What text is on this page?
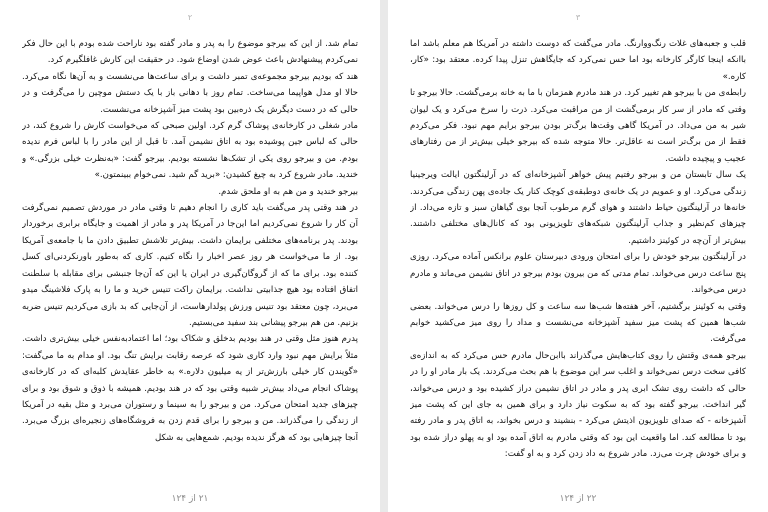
۲

تمام شد. از این که بیرجو موضوع را به پدر و مادر گفته بود ناراحت شده بودم با این حال فکر نمی‌کردم پیشنهادش باعث عوض شدن اوضاع شود. در حقیقت این کارش غافلگیرم کرد.

هند که بودیم بیرجو مجموعه‌ی تمبر داشت و برای ساعت‌ها می‌نشست و به آن‌ها نگاه می‌کرد. حالا او مدل هواپیما می‌ساخت. تمام روز با دهانی باز با یک دستش موچین را می‌گرفت و در حالی که در دست دیگرش یک ذره‌بین بود پشت میز آشپزخانه می‌نشست.

مادر شغلی در کارخانه‌ی پوشاک گرم کرد. اولین صبحی که می‌خواست کارش را شروع کند، در حالی که لباس جین پوشیده بود به اتاق نشیمن آمد. تا قبل از این مادر را با لباس فرم ندیده بودم. من و بیرجو روی یکی از تشک‌ها نشسته بودیم. بیرجو گفت: «به‌نظرت خیلی بزرگی.» و خندید. مادر شروع کرد به چیغ کشیدن: «برید گم شید. نمی‌خوام ببینمتون.»

بیرجو خندید و من هم به او ملحق شدم.

در هند وقتی پدر می‌گفت باید کاری را انجام دهیم تا وقتی مادر در موردش تصمیم نمی‌گرفت آن کار را شروع نمی‌کردیم اما این‌جا در آمریکا پدر و مادر از اهمیت و جایگاه برابری برخوردار بودند. پدر برنامه‌های مختلفی برایمان داشت. بیش‌تر تلاشش تطبیق دادن ما با جامعه‌ی آمریکا بود. از ما می‌خواست هر روز عصر اخبار را نگاه کنیم. کاری که به‌طور باورنکردنی‌ای کسل کننده بود. برای ما که از گروگان‌گیری در ایران یا این که آن‌جا جنبشی برای مقابله با سلطنت اتفاق افتاده بود هیچ جذابیتی نداشت. برایمان راکت تنیس خرید و ما را به پارک فلاشینگ میدو می‌برد، چون معتقد بود تنیس ورزش پولدارهاست، از آن‌جایی که بد بازی می‌کردیم تنیس ضربه بزنیم. من هم بیرجو پیشانی بند سفید می‌بستیم.

پدرم هنوز مثل وقتی در هند بودیم بدخلق و شکاک بود؛ اما اعتمادبه‌نفس خیلی بیش‌تری داشت. مثلاً برایش مهم نبود وارد کاری شود که عرصه رقابت برایش تنگ بود. او مدام به ما می‌گفت: «گویندن کار خیلی بارزش‌تر از یه میلیون دلاره.» به خاطر عقایدش کلبه‌ای که در کارخانه‌ی پوشاک انجام می‌داد بیش‌تر شبیه وقتی بود که در هند بودیم. همیشه با ذوق و شوق بود و برای چیزهای جدید امتحان می‌کرد. من و بیرجو را به سینما و رستوران می‌برد و مثل بقیه در آمریکا از زندگی را می‌گذراند. من و بیرجو را برای قدم زدن به فروشگاه‌های زنجیره‌ای بزرگ می‌برد. آنجا چیزهایی بود که هرگز ندیده بودیم. شمع‌هایی به شکل

۲۱ از ۱۲۴
۳

قلب و جعبه‌های غلات رنگ‌ووارنگ. مادر می‌گفت که دوست داشته در آمریکا هم معلم باشد اما باانکه اینجا کارگر کارخانه بود اما حس نمی‌کرد که جایگاهش تنزل پیدا کرده. معتقد بود: «کار، کاره.»

رابطه‌ی من با بیرجو هم تغییر کرد. در هند مادرم همزمان با ما به خانه برمی‌گشت. حالا بیرجو تا وقتی که مادر از سر کار برمی‌گشت از من مراقبت می‌کرد. ذرت را سرخ می‌کرد و یک لیوان شیر به من می‌داد. در آمریکا گاهی وقت‌ها برگ‌تر بودن بیرجو برایم مهم نبود. فکر می‌کردم فقط از من برگ‌تر است نه عاقل‌تر. حالا متوجه شده که بیرجو خیلی بیش‌تر از من رفتارهای عجیب و پیچیده داشت.

یک سال تابستان من و بیرجو رفتیم پیش خواهر آشپزخانه‌ای که در آرلینگتون ایالت ویرجینیا زندگی می‌کرد. او و عمویم در یک خانه‌ی دوطبقه‌ی کوچک کنار یک جاده‌ی پهن زندگی می‌کردند. خانه‌ها در آرلینگتون حیاط داشتند و هوای گرم مرطوب آنجا بوی گیاهان سبز و تازه می‌داد. از چیزهای کم‌نظیر و جذاب آرلینگتون شبکه‌های تلویزیونی بود که کانال‌های مختلفی داشتند. بیش‌تر از آن‌چه در کوئینز داشتیم.

در آرلینگتون بیرجو خودش را برای امتحان ورودی دبیرستان علوم برانکس آماده می‌کرد. روزی پنج ساعت درس می‌خواند. تمام مدتی که من بیرون بودم بیرجو در اتاق نشیمن می‌ماند و مادرم درس می‌خواند.

وقتی به کوئینز برگشتیم، آخر هفته‌ها شب‌ها سه ساعت و کل روزها را درس می‌خواند. بعضی شب‌ها همین که پشت میز سفید آشپزخانه می‌نشست و مداد را روی میز می‌کشید خوابم می‌گرفت.

بیرجو همه‌ی وقتش را روی کتاب‌هایش می‌گذراند باابن‌حال مادرم حس می‌کرد که به اندازه‌ی کافی سخت درس نمی‌خواند و اغلب سر این موضوع با هم بحث می‌کردند. یک بار مادر او را در حالی که داشت روی تشک ابری پدر و مادر در اتاق نشیمن دراز کشیده بود و درس می‌خواند، گیر انداخت. بیرجو گفته بود که به سکوت نیاز دارد و برای همین به جای این که پشت میز آشپزخانه - که صدای تلویزیون اذیتش می‌کرد - بنشیند و درس بخواند، به اتاق پدر و مادر رفته بود تا مطالعه کند. اما واقعیت این بود که وقتی مادرم به اتاق آمده بود او به پهلو دراز شده بود و برای خودش چرت می‌زد. مادر شروع به داد زدن کرد و به او گفت:

۲۲ از ۱۲۴
